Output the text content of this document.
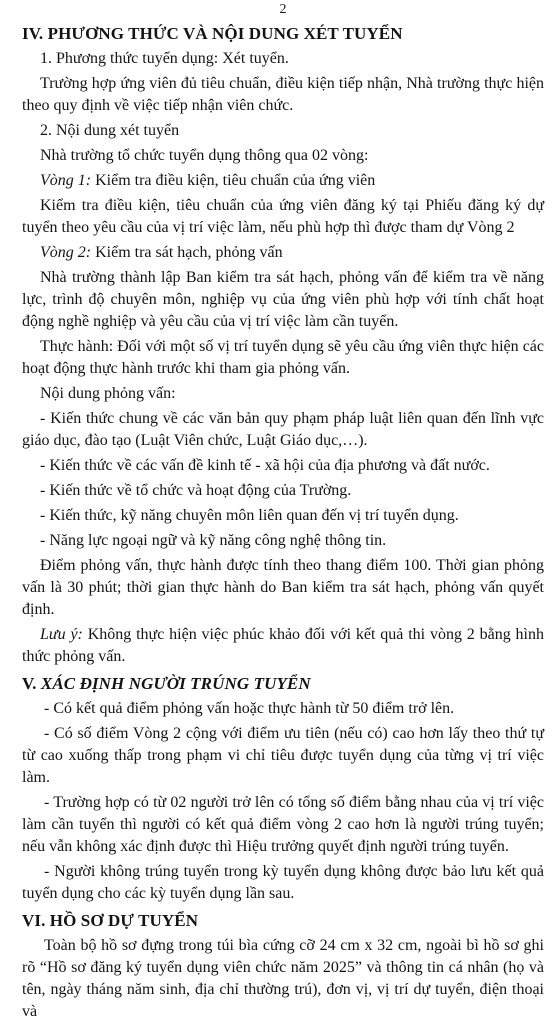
2
IV. PHƯƠNG THỨC VÀ NỘI DUNG XÉT TUYỂN
1. Phương thức tuyển dụng: Xét tuyển.
Trường hợp ứng viên đủ tiêu chuẩn, điều kiện tiếp nhận, Nhà trường thực hiện theo quy định về việc tiếp nhận viên chức.
2. Nội dung xét tuyển
Nhà trường tổ chức tuyển dụng thông qua 02 vòng:
Vòng 1: Kiểm tra điều kiện, tiêu chuẩn của ứng viên
Kiểm tra điều kiện, tiêu chuẩn của ứng viên đăng ký tại Phiếu đăng ký dự tuyển theo yêu cầu của vị trí việc làm, nếu phù hợp thì được tham dự Vòng 2
Vòng 2: Kiểm tra sát hạch, phỏng vấn
Nhà trường thành lập Ban kiểm tra sát hạch, phỏng vấn để kiểm tra về năng lực, trình độ chuyên môn, nghiệp vụ của ứng viên phù hợp với tính chất hoạt động nghề nghiệp và yêu cầu của vị trí việc làm cần tuyển.
Thực hành: Đối với một số vị trí tuyển dụng sẽ yêu cầu ứng viên thực hiện các hoạt động thực hành trước khi tham gia phỏng vấn.
Nội dung phỏng vấn:
- Kiến thức chung về các văn bản quy phạm pháp luật liên quan đến lĩnh vực giáo dục, đào tạo (Luật Viên chức, Luật Giáo dục,…).
- Kiến thức về các vấn đề kinh tế - xã hội của địa phương và đất nước.
- Kiến thức về tổ chức và hoạt động của Trường.
- Kiến thức, kỹ năng chuyên môn liên quan đến vị trí tuyển dụng.
- Năng lực ngoại ngữ và kỹ năng công nghệ thông tin.
Điểm phỏng vấn, thực hành được tính theo thang điểm 100. Thời gian phỏng vấn là 30 phút; thời gian thực hành do Ban kiểm tra sát hạch, phỏng vấn quyết định.
Lưu ý: Không thực hiện việc phúc khảo đối với kết quả thi vòng 2 bằng hình thức phỏng vấn.
V. XÁC ĐỊNH NGƯỜI TRÚNG TUYỂN
- Có kết quả điểm phỏng vấn hoặc thực hành từ 50 điểm trở lên.
- Có số điểm Vòng 2 cộng với điểm ưu tiên (nếu có) cao hơn lấy theo thứ tự từ cao xuống thấp trong phạm vi chỉ tiêu được tuyển dụng của từng vị trí việc làm.
- Trường hợp có từ 02 người trở lên có tổng số điểm bằng nhau của vị trí việc làm cần tuyển thì người có kết quả điểm vòng 2 cao hơn là người trúng tuyển; nếu vẫn không xác định được thì Hiệu trưởng quyết định người trúng tuyển.
- Người không trúng tuyển trong kỳ tuyển dụng không được bảo lưu kết quả tuyển dụng cho các kỳ tuyển dụng lần sau.
VI. HỒ SƠ DỰ TUYỂN
Toàn bộ hồ sơ đựng trong túi bìa cứng cỡ 24 cm x 32 cm, ngoài bì hồ sơ ghi rõ “Hồ sơ đăng ký tuyển dụng viên chức năm 2025” và thông tin cá nhân (họ và tên, ngày tháng năm sinh, địa chỉ thường trú), đơn vị, vị trí dự tuyển, điện thoại và
